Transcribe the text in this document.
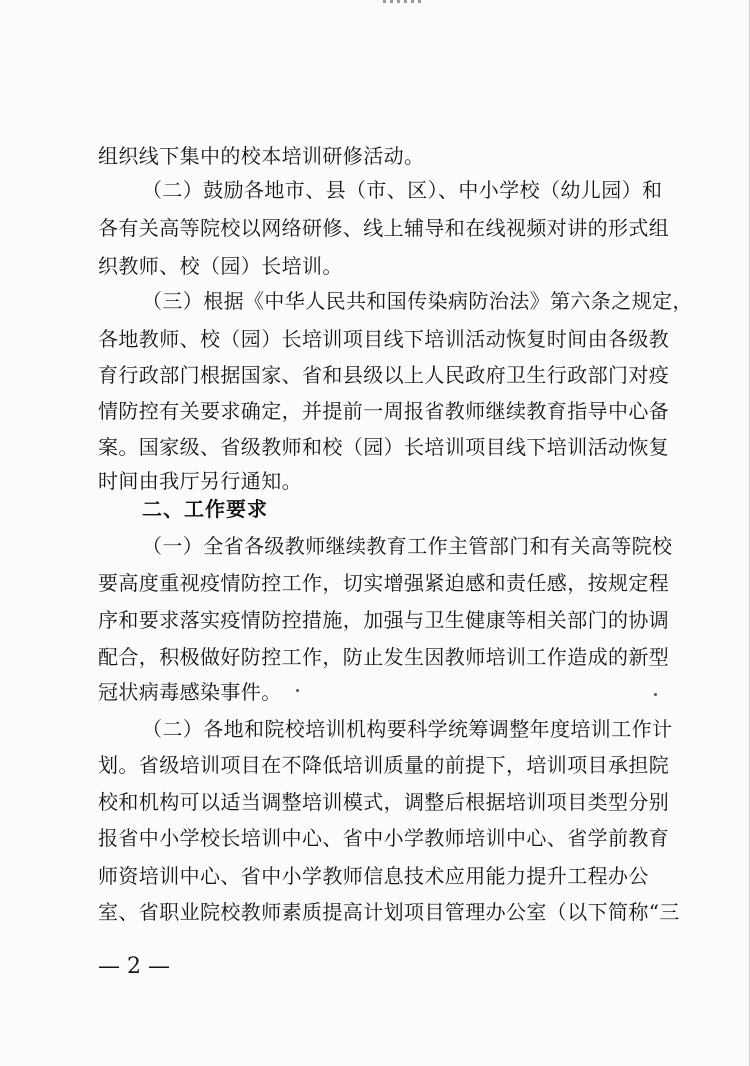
组织线下集中的校本培训研修活动。
（二）鼓励各地市、县（市、区）、中小学校（幼儿园）和
各有关高等院校以网络研修、线上辅导和在线视频对讲的形式组
织教师、校（园）长培训。
（三）根据《中华人民共和国传染病防治法》第六条之规定，
各地教师、校（园）长培训项目线下培训活动恢复时间由各级教
育行政部门根据国家、省和县级以上人民政府卫生行政部门对疫
情防控有关要求确定，并提前一周报省教师继续教育指导中心备
案。国家级、省级教师和校（园）长培训项目线下培训活动恢复
时间由我厅另行通知。
二、工作要求
（一）全省各级教师继续教育工作主管部门和有关高等院校
要高度重视疫情防控工作，切实增强紧迫感和责任感，按规定程
序和要求落实疫情防控措施，加强与卫生健康等相关部门的协调
配合，积极做好防控工作，防止发生因教师培训工作造成的新型
冠状病毒感染事件。
（二）各地和院校培训机构要科学统筹调整年度培训工作计
划。省级培训项目在不降低培训质量的前提下，培训项目承担院
校和机构可以适当调整培训模式，调整后根据培训项目类型分别
报省中小学校长培训中心、省中小学教师培训中心、省学前教育
师资培训中心、省中小学教师信息技术应用能力提升工程办公
室、省职业院校教师素质提高计划项目管理办公室（以下简称“三
— 2 —
